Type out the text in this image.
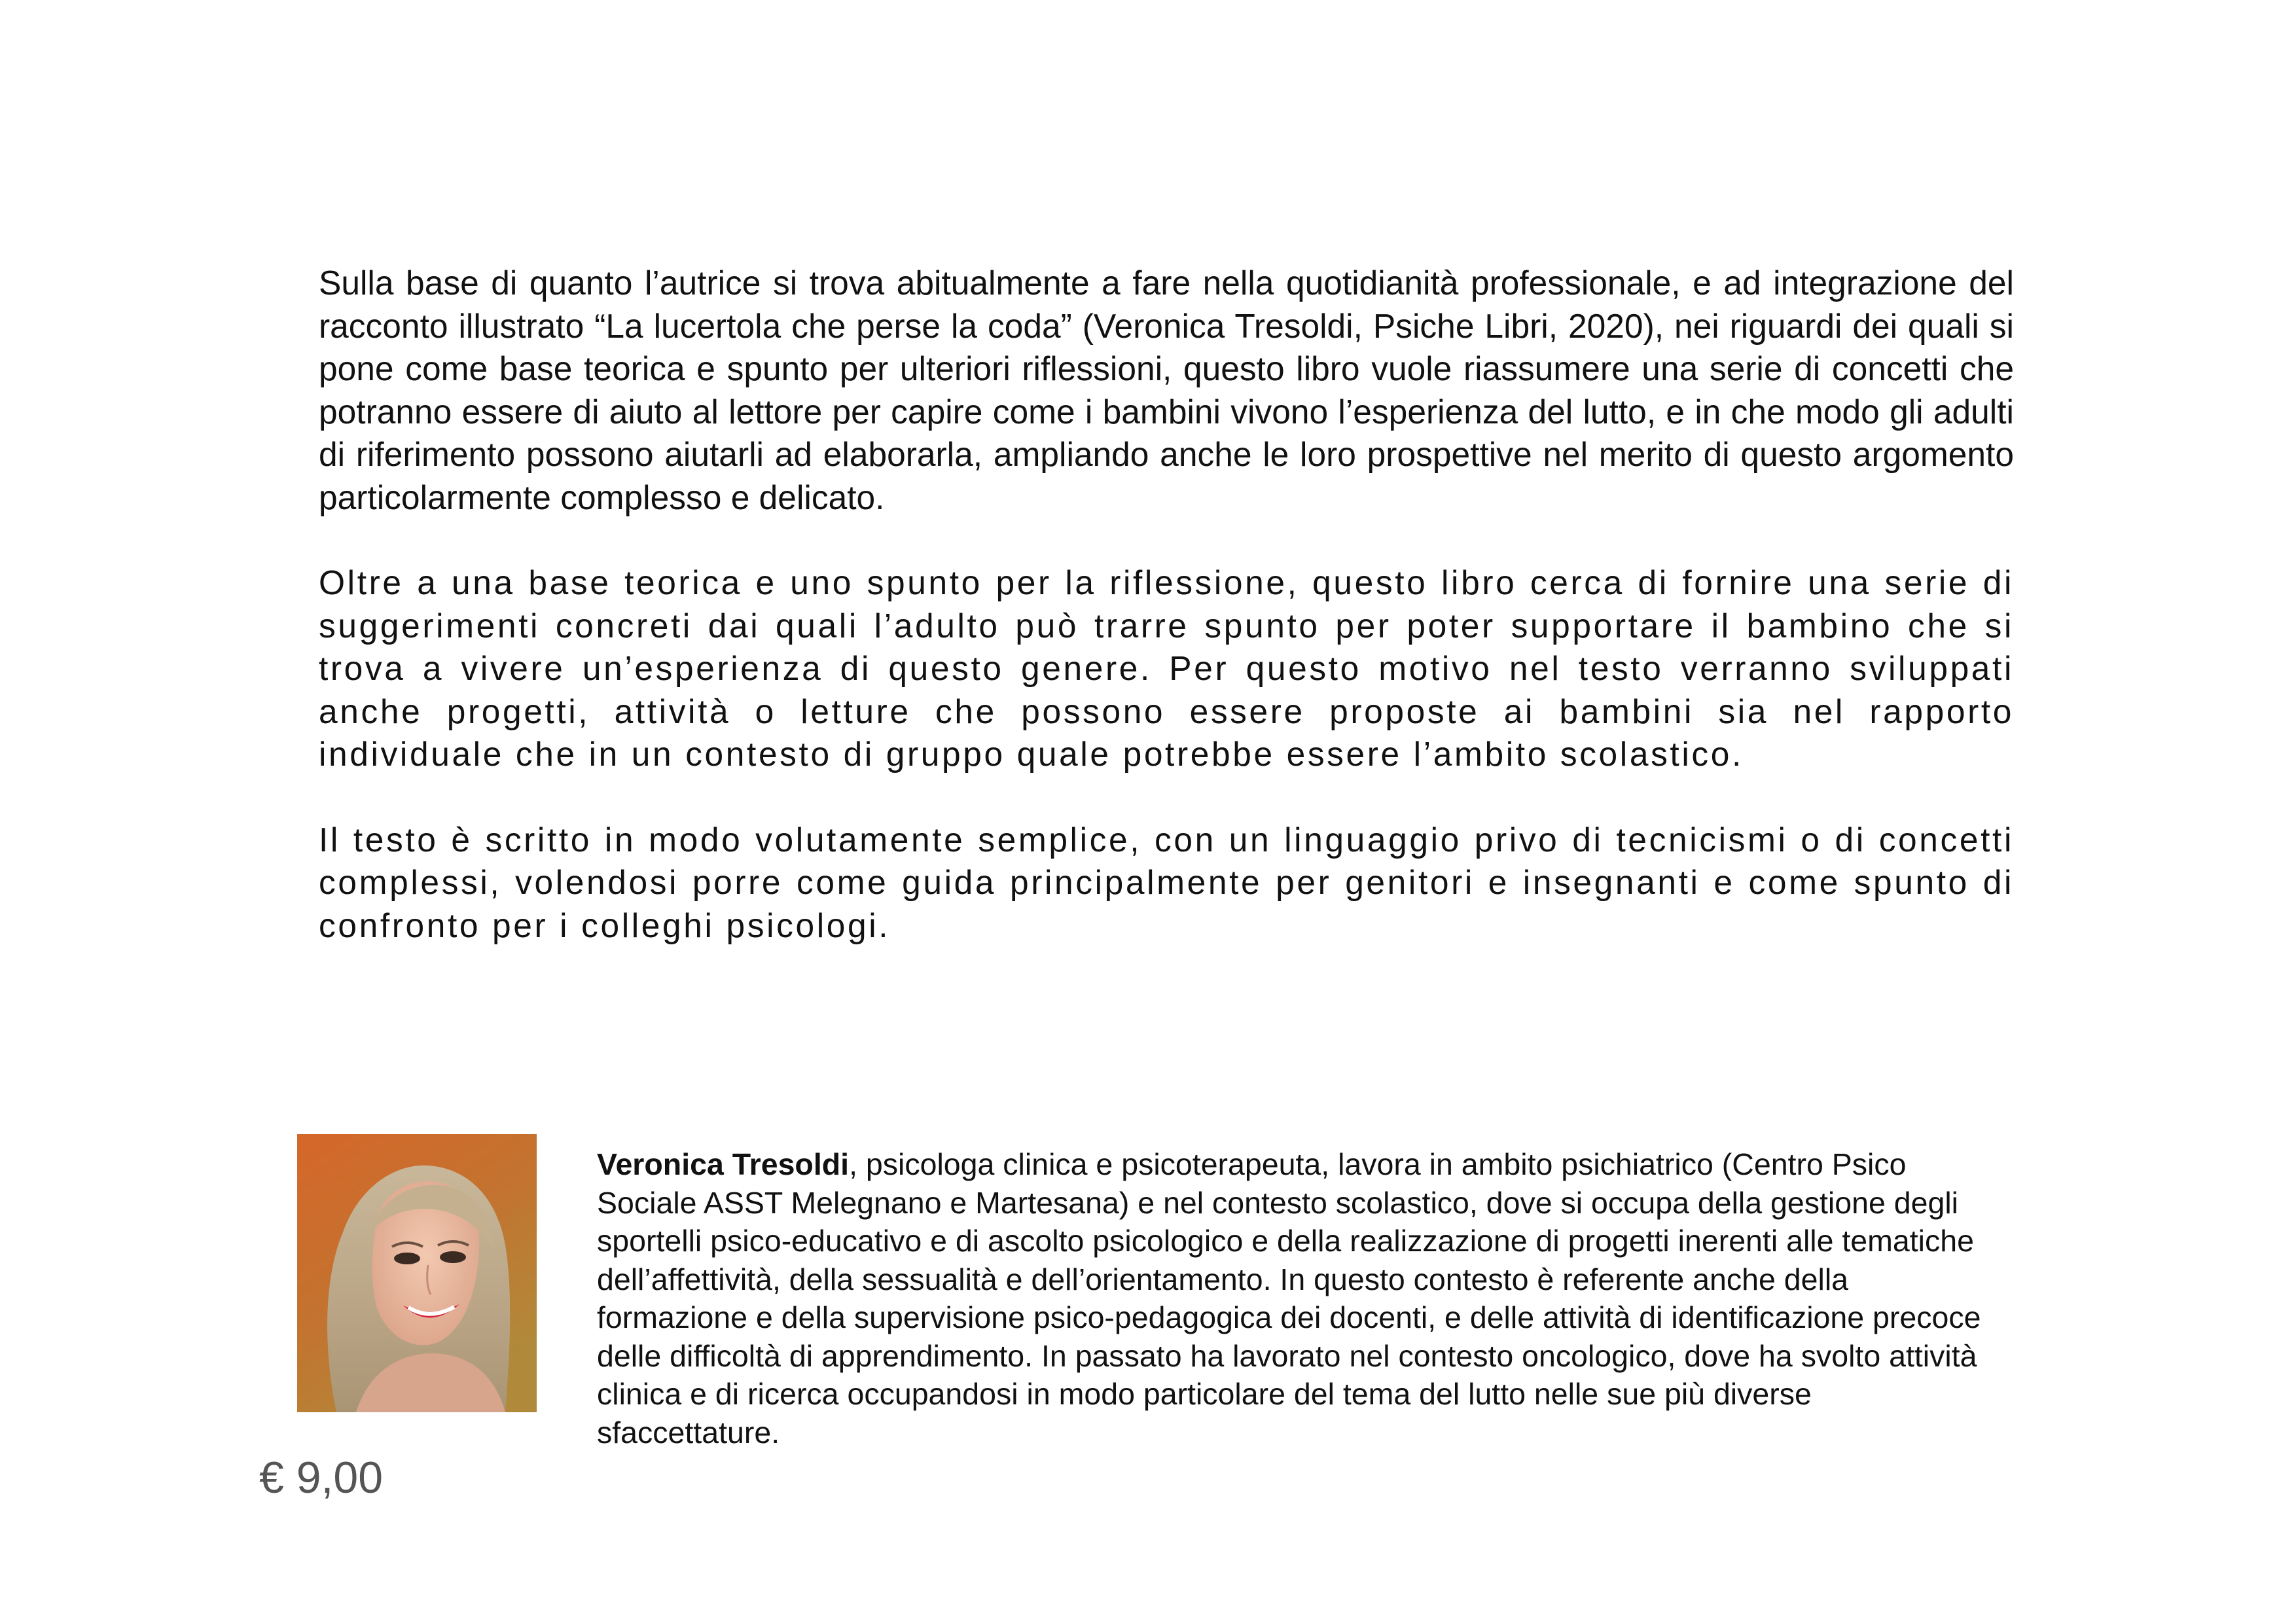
Sulla base di quanto l’autrice si trova abitualmente a fare nella quotidianità professionale, e ad integrazione del racconto illustrato “La lucertola che perse la coda” (Veronica Tresoldi, Psiche Libri, 2020), nei riguardi dei quali si pone come base teorica e spunto per ulteriori riflessioni, questo libro vuole riassumere una serie di concetti che potranno essere di aiuto al lettore per capire come i bambini vivono l’esperienza del lutto, e in che modo gli adulti di riferimento possono aiutarli ad elaborarla, ampliando anche le loro prospettive nel merito di questo argomento particolarmente complesso e delicato.

Oltre a una base teorica e uno spunto per la riflessione, questo libro cerca di fornire una serie di suggerimenti concreti dai quali l’adulto può trarre spunto per poter supportare il bambino che si trova a vivere un’esperienza di questo genere. Per questo motivo nel testo verranno sviluppati anche progetti, attività o letture che possono essere proposte ai bambini sia nel rapporto individuale che in un contesto di gruppo quale potrebbe essere l’ambito scolastico.

Il testo è scritto in modo volutamente semplice, con un linguaggio privo di tecnicismi o di concetti complessi, volendosi porre come guida principalmente per genitori e insegnanti e come spunto di confronto per i colleghi psicologi.

Veronica Tresoldi, psicologa clinica e psicoterapeuta, lavora in ambito psichiatrico (Centro Psico Sociale ASST Melegnano e Martesana) e nel contesto scolastico, dove si occupa della gestione degli sportelli psico-educativo e di ascolto psicologico e della realizzazione di progetti inerenti alle tematiche dell’affettività, della sessualità e dell’orientamento. In questo contesto è referente anche della formazione e della supervisione psico-pedagogica dei docenti, e delle attività di identificazione precoce delle difficoltà di apprendimento. In passato ha lavorato nel contesto oncologico, dove ha svolto attività clinica e di ricerca occupandosi in modo particolare del tema del lutto nelle sue più diverse sfaccettature.

€ 9,00
